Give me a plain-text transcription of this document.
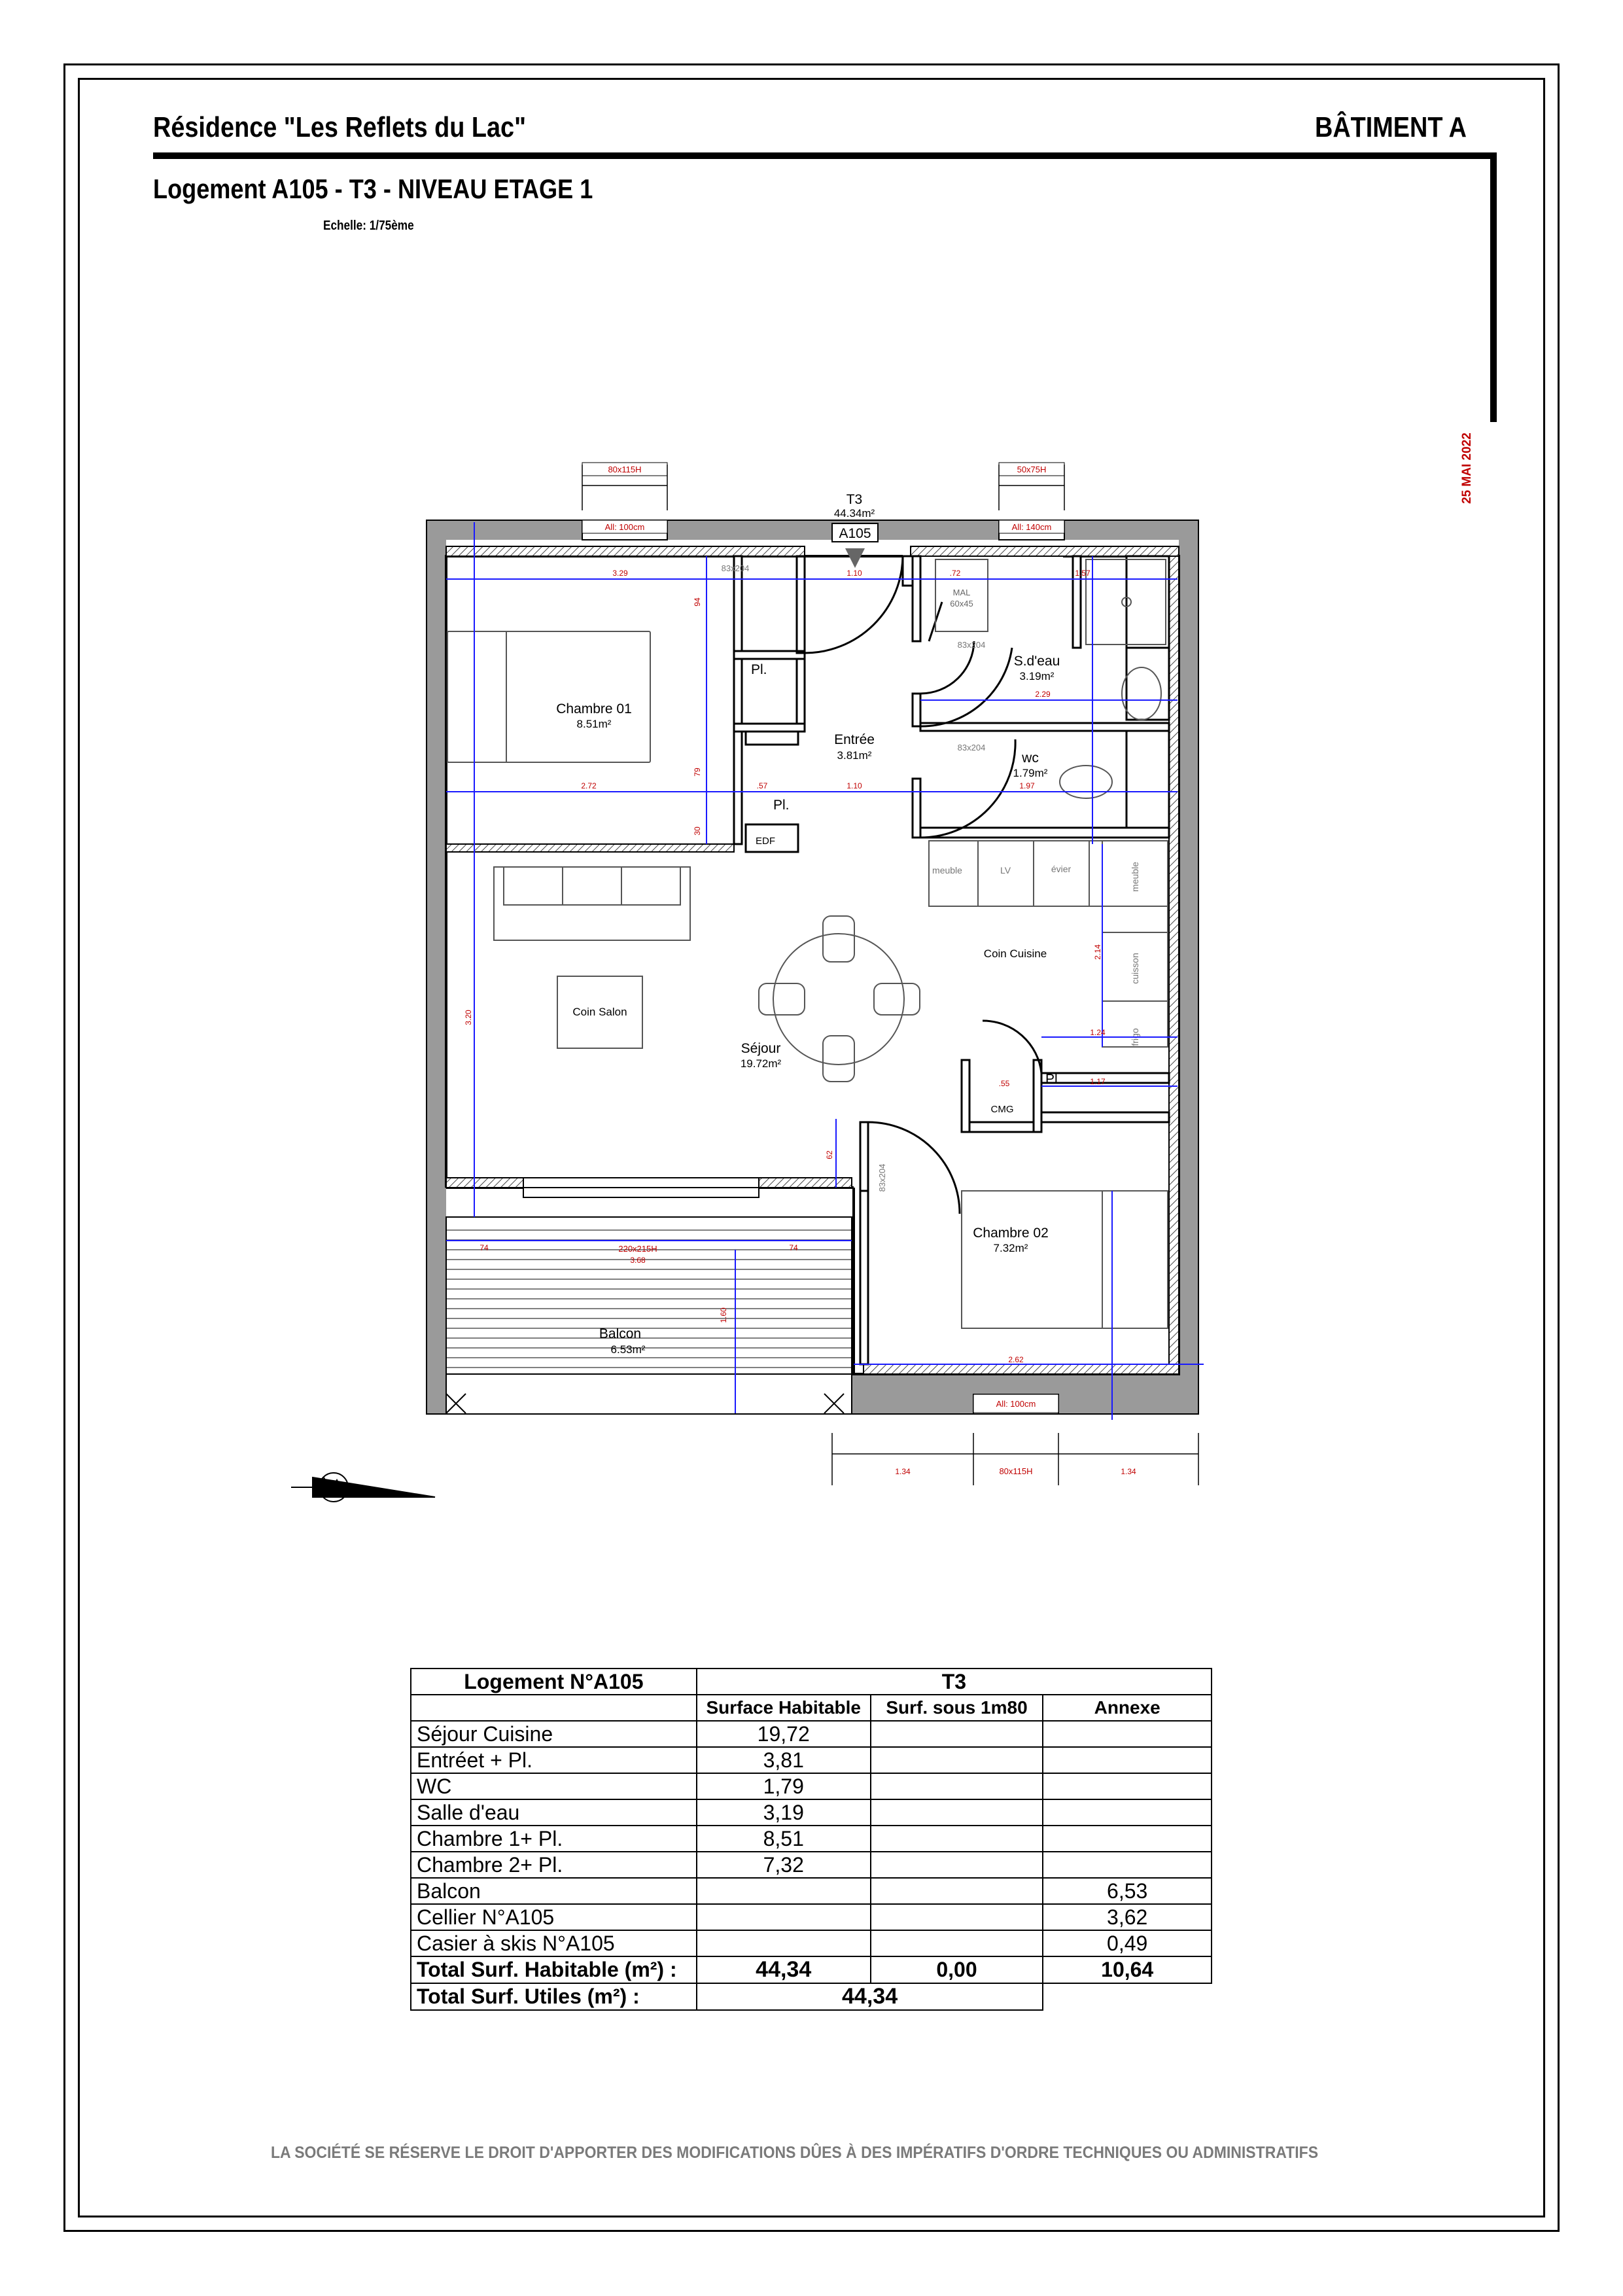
Résidence "Les Reflets du Lac"	BÂTIMENT A
Logement A105 - T3 - NIVEAU ETAGE 1
Echelle: 1/75ème
25 MAI 2022
Chambre 01
8.51m²
Entrée
3.81m²
S.d'eau
3.19m²
wc
1.79m²
Séjour
19.72m²
Chambre 02
7.32m²
Balcon
6.53m²
Coin Salon
Coin Cuisine
Pl.
Pl.
Pl.
EDF
CMG
MAL
60x45
meuble	LV	évier	meuble
cuisson
frigo
83x204
83x204
83x204
83x204
T3
44.34m²
A105
80x115H
All: 100cm
50x75H
All: 140cm
220x215H
80x115H
All: 100cm
3.29	1.10	.72	1.57
2.72	.57	1.10	1.97
2.29
1.24
1.17
.55
74
3.68
74
2.62
1.34	1.34
3.20
1.60
94
79
30
62
2.14
Logement N°A105	T3		
	Surface Habitable	Surf. sous 1m80	Annexe
Séjour Cuisine	19,72		
Entréet + Pl.	3,81		
WC	1,79		
Salle d'eau	3,19		
Chambre 1+ Pl.	8,51		
Chambre 2+ Pl.	7,32		
Balcon			6,53
Cellier N°A105			3,62
Casier à skis N°A105			0,49
Total Surf. Habitable (m²) :	44,34	0,00	10,64
Total Surf. Utiles (m²) :	44,34		
LA SOCIÉTÉ SE RÉSERVE LE DROIT D'APPORTER DES MODIFICATIONS DÛES À DES IMPÉRATIFS D'ORDRE TECHNIQUES OU ADMINISTRATIFS
